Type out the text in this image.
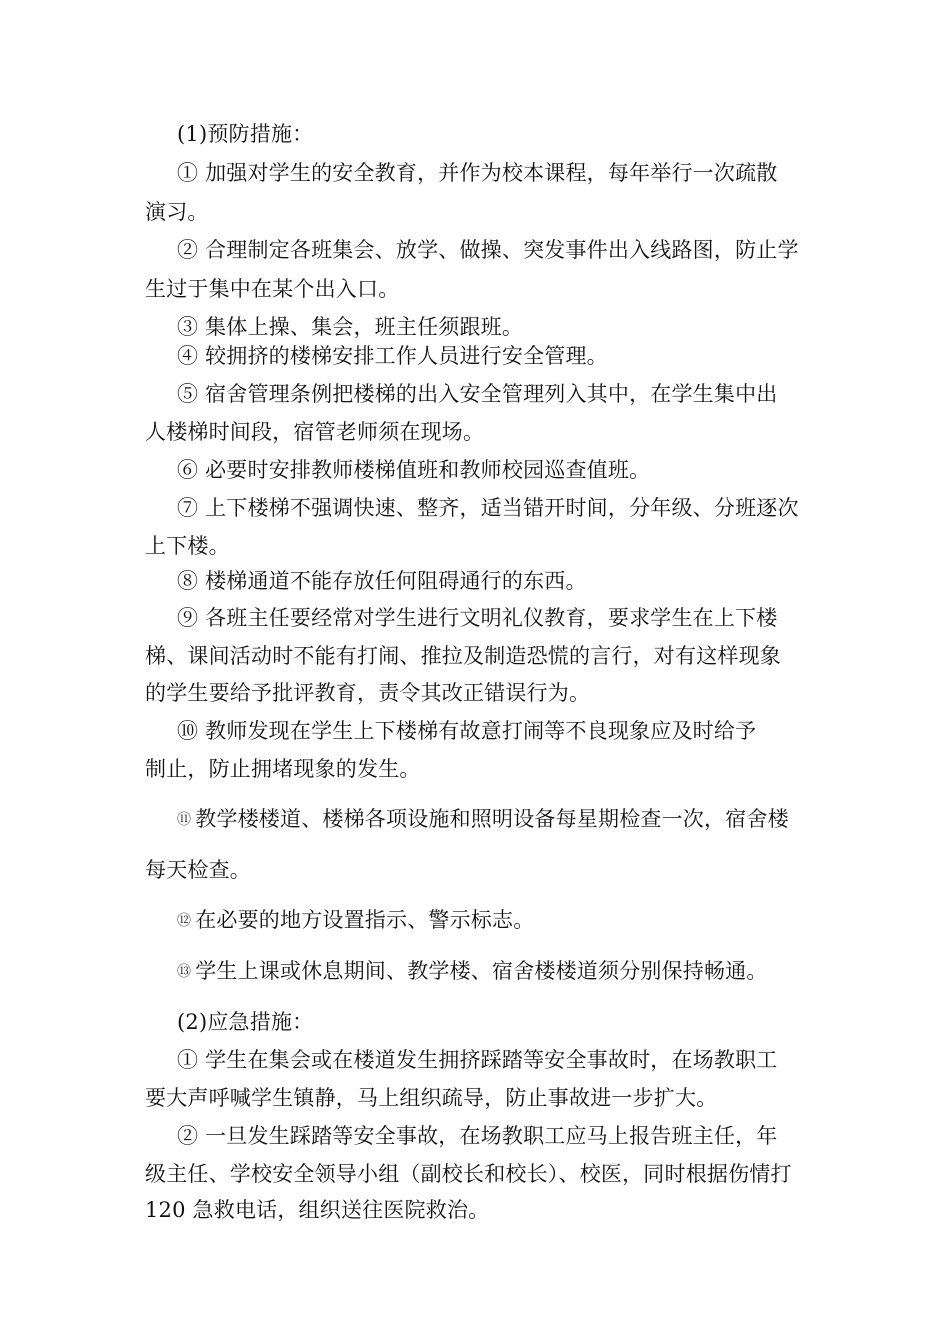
(1)预防措施：
① 加强对学生的安全教育，并作为校本课程，每年举行一次疏散
演习。
② 合理制定各班集会、放学、做操、突发事件出入线路图，防止学
生过于集中在某个出入口。
③ 集体上操、集会，班主任须跟班。
④ 较拥挤的楼梯安排工作人员进行安全管理。
⑤ 宿舍管理条例把楼梯的出入安全管理列入其中，在学生集中出
人楼梯时间段，宿管老师须在现场。
⑥ 必要时安排教师楼梯值班和教师校园巡查值班。
⑦ 上下楼梯不强调快速、整齐，适当错开时间，分年级、分班逐次
上下楼。
⑧ 楼梯通道不能存放任何阻碍通行的东西。
⑨ 各班主任要经常对学生进行文明礼仪教育，要求学生在上下楼
梯、课间活动时不能有打闹、推拉及制造恐慌的言行，对有这样现象
的学生要给予批评教育，责令其改正错误行为。
⑩ 教师发现在学生上下楼梯有故意打闹等不良现象应及时给予
制止，防止拥堵现象的发生。
⑪ 教学楼楼道、楼梯各项设施和照明设备每星期检查一次，宿舍楼
每天检查。
⑫ 在必要的地方设置指示、警示标志。
⑬ 学生上课或休息期间、教学楼、宿舍楼楼道须分别保持畅通。
(2)应急措施：
① 学生在集会或在楼道发生拥挤踩踏等安全事故时，在场教职工
要大声呼喊学生镇静，马上组织疏导，防止事故进一步扩大。
② 一旦发生踩踏等安全事故，在场教职工应马上报告班主任，年
级主任、学校安全领导小组（副校长和校长）、校医，同时根据伤情打
120 急救电话，组织送往医院救治。
